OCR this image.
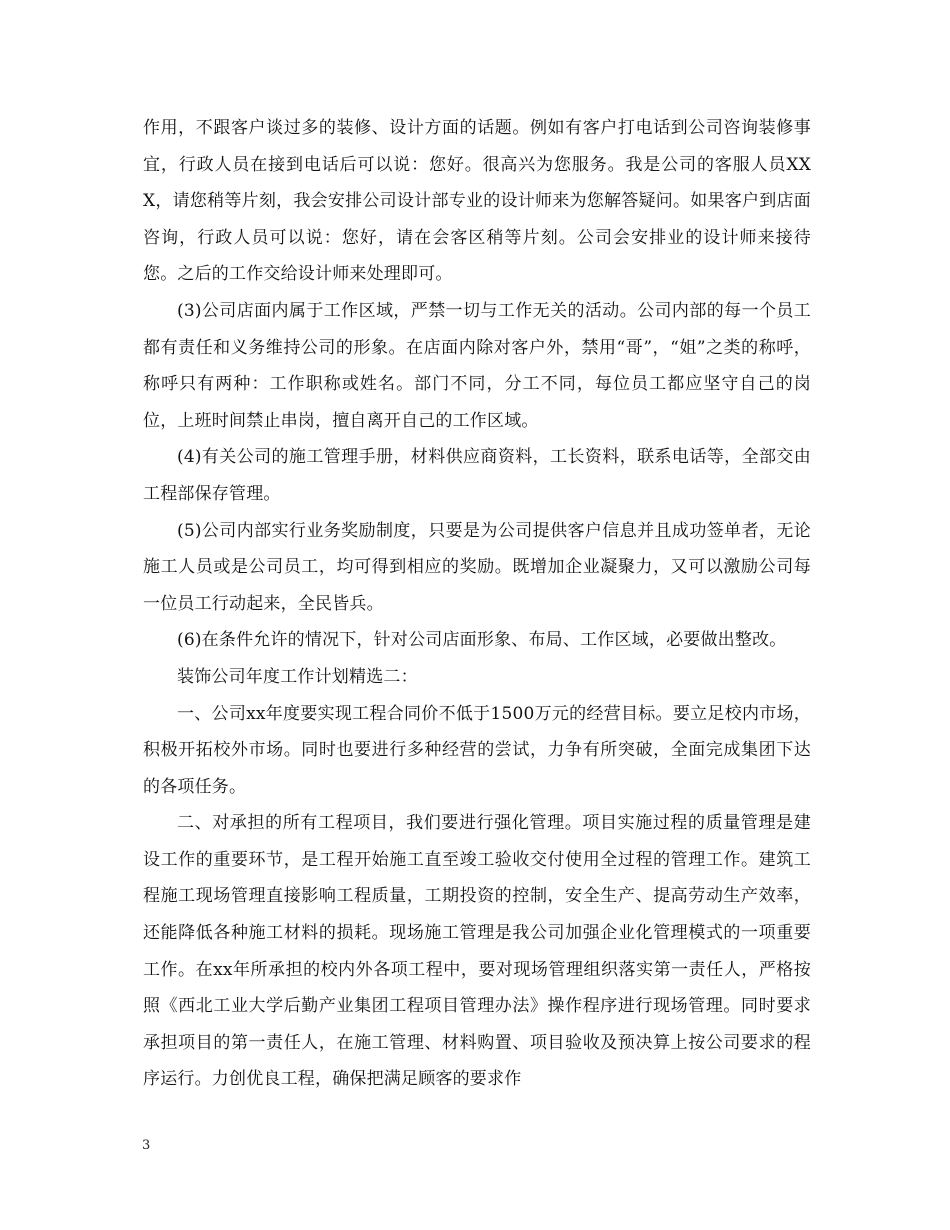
作用，不跟客户谈过多的装修、设计方面的话题。例如有客户打电话到公司咨询装修事宜，行政人员在接到电话后可以说：您好。很高兴为您服务。我是公司的客服人员XXX，请您稍等片刻，我会安排公司设计部专业的设计师来为您解答疑问。如果客户到店面咨询，行政人员可以说：您好，请在会客区稍等片刻。公司会安排业的设计师来接待您。之后的工作交给设计师来处理即可。

(3)公司店面内属于工作区域，严禁一切与工作无关的活动。公司内部的每一个员工都有责任和义务维持公司的形象。在店面内除对客户外，禁用“哥”，“姐”之类的称呼，称呼只有两种：工作职称或姓名。部门不同，分工不同，每位员工都应坚守自己的岗位，上班时间禁止串岗，擅自离开自己的工作区域。

(4)有关公司的施工管理手册，材料供应商资料，工长资料，联系电话等，全部交由工程部保存管理。

(5)公司内部实行业务奖励制度，只要是为公司提供客户信息并且成功签单者，无论施工人员或是公司员工，均可得到相应的奖励。既增加企业凝聚力，又可以激励公司每一位员工行动起来，全民皆兵。

(6)在条件允许的情况下，针对公司店面形象、布局、工作区域，必要做出整改。

装饰公司年度工作计划精选二：

一、公司xx年度要实现工程合同价不低于1500万元的经营目标。要立足校内市场，积极开拓校外市场。同时也要进行多种经营的尝试，力争有所突破，全面完成集团下达的各项任务。

二、对承担的所有工程项目，我们要进行强化管理。项目实施过程的质量管理是建设工作的重要环节，是工程开始施工直至竣工验收交付使用全过程的管理工作。建筑工程施工现场管理直接影响工程质量，工期投资的控制，安全生产、提高劳动生产效率，还能降低各种施工材料的损耗。现场施工管理是我公司加强企业化管理模式的一项重要工作。在xx年所承担的校内外各项工程中，要对现场管理组织落实第一责任人，严格按照《西北工业大学后勤产业集团工程项目管理办法》操作程序进行现场管理。同时要求承担项目的第一责任人，在施工管理、材料购置、项目验收及预决算上按公司要求的程序运行。力创优良工程，确保把满足顾客的要求作

3
